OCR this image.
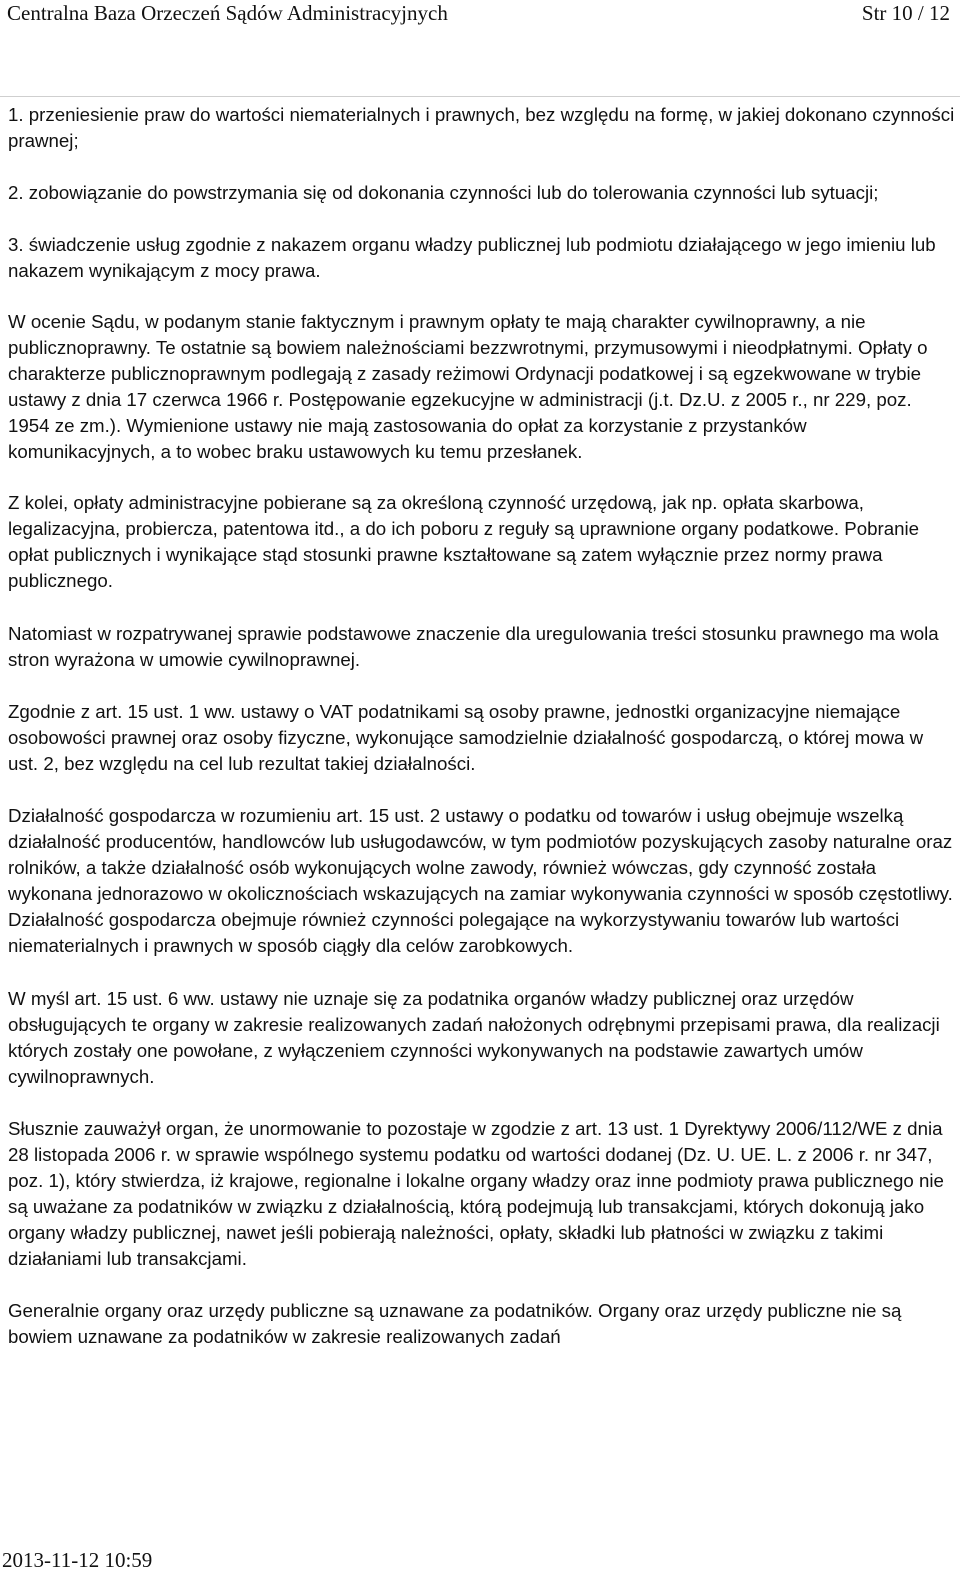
Centralna Baza Orzeczeń Sądów Administracyjnych	Str 10 / 12

1. przeniesienie praw do wartości niematerialnych i prawnych, bez względu na formę, w jakiej dokonano czynności prawnej;

2. zobowiązanie do powstrzymania się od dokonania czynności lub do tolerowania czynności lub sytuacji;

3. świadczenie usług zgodnie z nakazem organu władzy publicznej lub podmiotu działającego w jego imieniu lub nakazem wynikającym z mocy prawa.

W ocenie Sądu, w podanym stanie faktycznym i prawnym opłaty te mają charakter cywilnoprawny, a nie publicznoprawny. Te ostatnie są bowiem należnościami bezzwrotnymi, przymusowymi i nieodpłatnymi. Opłaty o charakterze publicznoprawnym podlegają z zasady reżimowi Ordynacji podatkowej i są egzekwowane w trybie ustawy z dnia 17 czerwca 1966 r. Postępowanie egzekucyjne w administracji (j.t. Dz.U. z 2005 r., nr 229, poz. 1954 ze zm.). Wymienione ustawy nie mają zastosowania do opłat za korzystanie z przystanków komunikacyjnych, a to wobec braku ustawowych ku temu przesłanek.

Z kolei, opłaty administracyjne pobierane są za określoną czynność urzędową, jak np. opłata skarbowa, legalizacyjna, probiercza, patentowa itd., a do ich poboru z reguły są uprawnione organy podatkowe. Pobranie opłat publicznych i wynikające stąd stosunki prawne kształtowane są zatem wyłącznie przez normy prawa publicznego.

Natomiast w rozpatrywanej sprawie podstawowe znaczenie dla uregulowania treści stosunku prawnego ma wola stron wyrażona w umowie cywilnoprawnej.

Zgodnie z art. 15 ust. 1 ww. ustawy o VAT podatnikami są osoby prawne, jednostki organizacyjne niemające osobowości prawnej oraz osoby fizyczne, wykonujące samodzielnie działalność gospodarczą, o której mowa w ust. 2, bez względu na cel lub rezultat takiej działalności.

Działalność gospodarcza w rozumieniu art. 15 ust. 2 ustawy o podatku od towarów i usług obejmuje wszelką działalność producentów, handlowców lub usługodawców, w tym podmiotów pozyskujących zasoby naturalne oraz rolników, a także działalność osób wykonujących wolne zawody, również wówczas, gdy czynność została wykonana jednorazowo w okolicznościach wskazujących na zamiar wykonywania czynności w sposób częstotliwy. Działalność gospodarcza obejmuje również czynności polegające na wykorzystywaniu towarów lub wartości niematerialnych i prawnych w sposób ciągły dla celów zarobkowych.

W myśl art. 15 ust. 6 ww. ustawy nie uznaje się za podatnika organów władzy publicznej oraz urzędów obsługujących te organy w zakresie realizowanych zadań nałożonych odrębnymi przepisami prawa, dla realizacji których zostały one powołane, z wyłączeniem czynności wykonywanych na podstawie zawartych umów cywilnoprawnych.

Słusznie zauważył organ, że unormowanie to pozostaje w zgodzie z art. 13 ust. 1 Dyrektywy 2006/112/WE z dnia 28 listopada 2006 r. w sprawie wspólnego systemu podatku od wartości dodanej (Dz. U. UE. L. z 2006 r. nr 347, poz. 1), który stwierdza, iż krajowe, regionalne i lokalne organy władzy oraz inne podmioty prawa publicznego nie są uważane za podatników w związku z działalnością, którą podejmują lub transakcjami, których dokonują jako organy władzy publicznej, nawet jeśli pobierają należności, opłaty, składki lub płatności w związku z takimi działaniami lub transakcjami.

Generalnie organy oraz urzędy publiczne są uznawane za podatników. Organy oraz urzędy publiczne nie są bowiem uznawane za podatników w zakresie realizowanych zadań

2013-11-12 10:59
